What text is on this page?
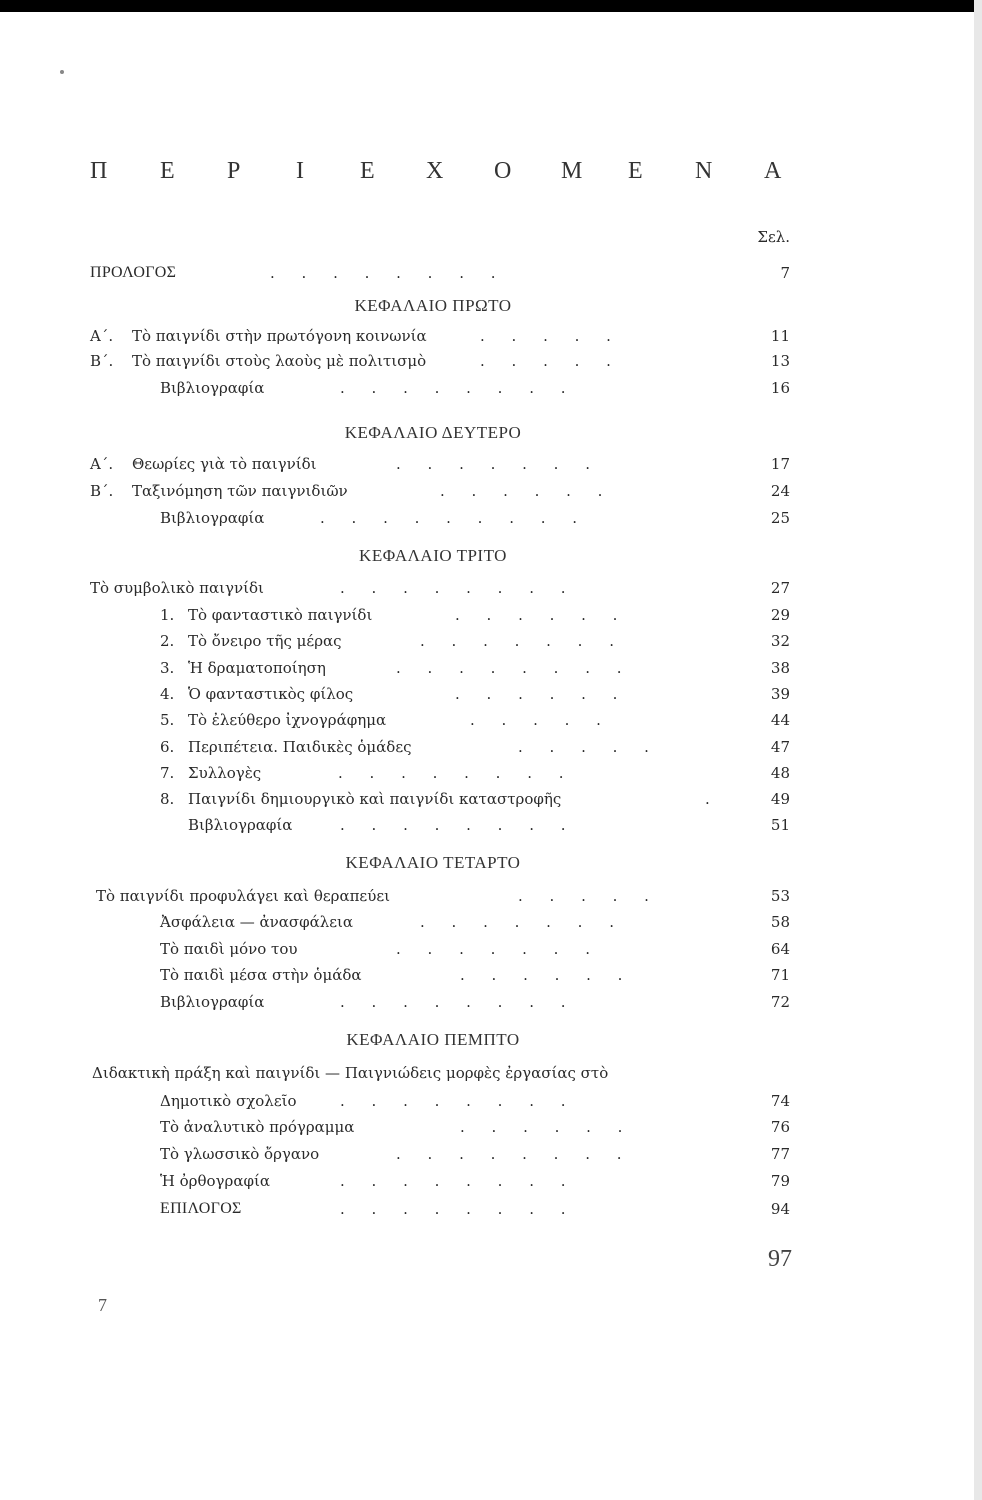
Π Ε Ρ Ι Ε Χ Ο Μ Ε Ν Α
Σελ.
ΠΡΟΛΟΓΟΣ	. . . . . . . .	7
ΚΕΦΑΛΑΙΟ ΠΡΩΤΟ
Α΄. Τὸ παιγνίδι στὴν πρωτόγονη κοινωνία	. . . . .	11
Β΄. Τὸ παιγνίδι στοὺς λαοὺς μὲ πολιτισμὸ	. . . . .	13
Βιβλιογραφία	. . . . . . . .	16
ΚΕΦΑΛΑΙΟ ΔΕΥΤΕΡΟ
Α΄. Θεωρίες γιὰ τὸ παιγνίδι	. . . . . . .	17
Β΄. Ταξινόμηση τῶν παιγνιδιῶν	. . . . . .	24
Βιβλιογραφία	. . . . . . . . .	25
ΚΕΦΑΛΑΙΟ ΤΡΙΤΟ
Τὸ συμβολικὸ παιγνίδι	. . . . . . . .	27
1. Τὸ φανταστικὸ παιγνίδι	. . . . . .	29
2. Τὸ ὄνειρο τῆς μέρας	. . . . . . .	32
3. Ἡ δραματοποίηση	. . . . . . . .	38
4. Ὁ φανταστικὸς φίλος	. . . . . .	39
5. Τὸ ἐλεύθερο ἰχνογράφημα	. . . . .	44
6. Περιπέτεια. Παιδικὲς ὁμάδες	. . . . .	47
7. Συλλογὲς	. . . . . . . .	48
8. Παιγνίδι δημιουργικὸ καὶ παιγνίδι καταστροφῆς	.	49
Βιβλιογραφία	. . . . . . . .	51
ΚΕΦΑΛΑΙΟ ΤΕΤΑΡΤΟ
Τὸ παιγνίδι προφυλάγει καὶ θεραπεύει	. . . . .	53
Ἀσφάλεια — ἀνασφάλεια	. . . . . . .	58
Τὸ παιδὶ μόνο του	. . . . . . .	64
Τὸ παιδὶ μέσα στὴν ὁμάδα	. . . . . .	71
Βιβλιογραφία	. . . . . . . .	72
ΚΕΦΑΛΑΙΟ ΠΕΜΠΤΟ
Διδακτικὴ πράξη καὶ παιγνίδι — Παιγνιώδεις μορφὲς ἐργασίας στὸ
Δημοτικὸ σχολεῖο	. . . . . . . .	74
Τὸ ἀναλυτικὸ πρόγραμμα	. . . . . .	76
Τὸ γλωσσικὸ ὄργανο	. . . . . . . .	77
Ἡ ὀρθογραφία	. . . . . . . .	79
ΕΠΙΛΟΓΟΣ	. . . . . . . .	94
97
7
